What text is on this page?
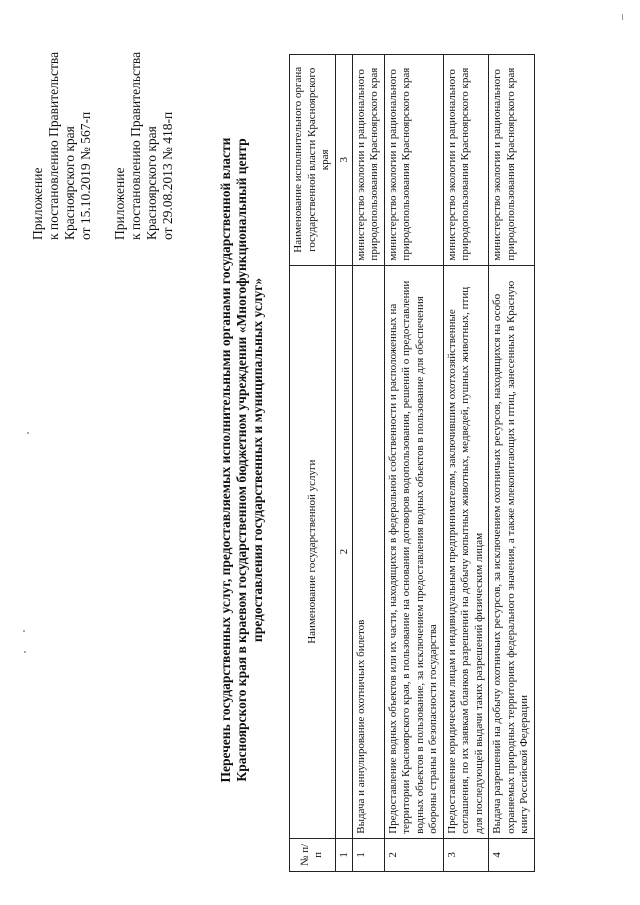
Приложение к постановлению Правительства Красноярского края от 15.10.2019 № 567-п Приложение к постановлению Правительства Красноярского края от 29.08.2013 № 418-п	Перечень государственных услуг, предоставляемых исполнительными органами государственной власти Красноярского края в краевом государственном бюджетном учреждении «Многофункциональный центр предоставления государственных и муниципальных услуг»
№ п/п	Наименование государственной услуги	Наименование исполнительного органа государственной власти Красноярского края
1	2	3
1	Выдача и аннулирование охотничьих билетов	министерство экологии и рационального природопользования Красноярского края
2	Предоставление водных объектов или их части, находящихся в федеральной собственности и расположенных на территории Красноярского края, в пользование на основании договоров водопользования, решений о предоставлении водных объектов в пользование, за исключением предоставления водных объектов в пользование для обеспечения обороны страны и безопасности государства	министерство экологии и рационального природопользования Красноярского края
3	Предоставление юридическим лицам и индивидуальным предпринимателям, заключившим охотхозяйственные соглашения, по их заявкам бланков разрешений на добычу копытных животных, медведей, пушных животных, птиц для последующей выдачи таких разрешений физическим лицам	министерство экологии и рационального природопользования Красноярского края
4	Выдача разрешений на добычу охотничьих ресурсов, за исключением охотничьих ресурсов, находящихся на особо охраняемых природных территориях федерального значения, а также млекопитающих и птиц, занесенных в Красную книгу Российской Федерации	министерство экологии и рационального природопользования Красноярского края
